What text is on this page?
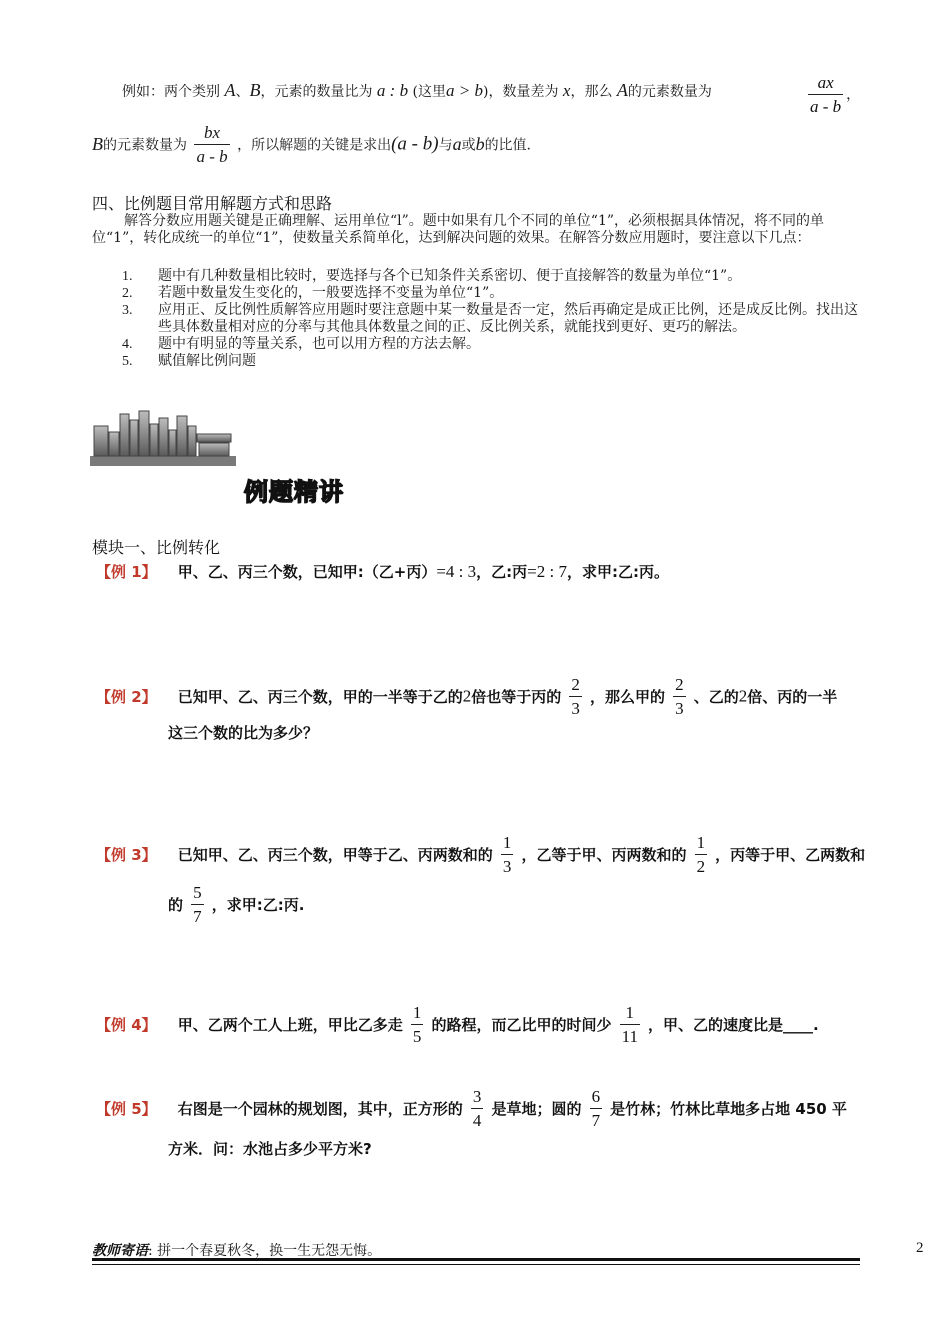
例如：两个类别 A、B，元素的数量比为 a : b (这里a > b)，数量差为 x，那么 A的元素数量为	$\frac{ax}{a - b}$ ，
B的元素数量为 $\frac{bx}{a - b}$ ，所以解题的关键是求出(a - b)与a或b的比值.
四、比例题目常用解题方式和思路
解答分数应用题关键是正确理解、运用单位“l”。题中如果有几个不同的单位“1”，必须根据具体情况，将不同的单位“1”，转化成统一的单位“1”，使数量关系简单化，达到解决问题的效果。在解答分数应用题时，要注意以下几点：
1. 题中有几种数量相比较时，要选择与各个已知条件关系密切、便于直接解答的数量为单位“1”。
2. 若题中数量发生变化的，一般要选择不变量为单位“1”。
3. 应用正、反比例性质解答应用题时要注意题中某一数量是否一定，然后再确定是成正比例，还是成反比例。找出这些具体数量相对应的分率与其他具体数量之间的正、反比例关系，就能找到更好、更巧的解法。
4. 题中有明显的等量关系，也可以用方程的方法去解。
5. 赋值解比例问题
例题精讲
模块一、比例转化
【例 1】 甲、乙、丙三个数，已知甲:（乙+丙）=4 : 3，乙:丙=2 : 7，求甲:乙:丙。
【例 2】 已知甲、乙、丙三个数，甲的一半等于乙的2倍也等于丙的 $\frac{2}{3}$ ，那么甲的 $\frac{2}{3}$ 、乙的2倍、丙的一半
这三个数的比为多少？
【例 3】 已知甲、乙、丙三个数，甲等于乙、丙两数和的 $\frac{1}{3}$ ，乙等于甲、丙两数和的 $\frac{1}{2}$ ，丙等于甲、乙两数和
的 $\frac{5}{7}$ ，求甲:乙:丙.
【例 4】 甲、乙两个工人上班，甲比乙多走 $\frac{1}{5}$ 的路程，而乙比甲的时间少 $\frac{1}{11}$ ，甲、乙的速度比是____.
【例 5】 右图是一个园林的规划图，其中，正方形的 $\frac{3}{4}$ 是草地；圆的 $\frac{6}{7}$ 是竹林；竹林比草地多占地 450 平
方米．问：水池占多少平方米?
教师寄语: 拼一个春夏秋冬，换一生无怨无悔。	2
